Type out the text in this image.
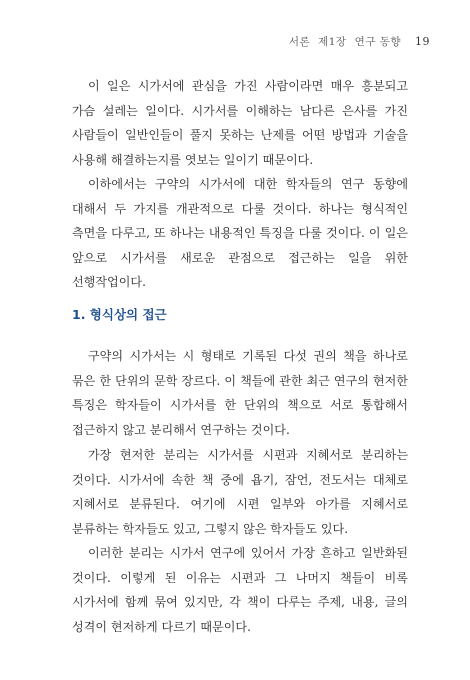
서론 제1장 연구 동향 19

이 일은 시가서에 관심을 가진 사람이라면 매우 흥분되고 가슴 설레는 일이다. 시가서를 이해하는 남다른 은사를 가진 사람들이 일반인들이 풀지 못하는 난제를 어떤 방법과 기술을 사용해 해결하는지를 엿보는 일이기 때문이다.

이하에서는 구약의 시가서에 대한 학자들의 연구 동향에 대해서 두 가지를 개관적으로 다룰 것이다. 하나는 형식적인 측면을 다루고, 또 하나는 내용적인 특징을 다룰 것이다. 이 일은 앞으로 시가서를 새로운 관점으로 접근하는 일을 위한 선행작업이다.

1. 형식상의 접근

구약의 시가서는 시 형태로 기록된 다섯 권의 책을 하나로 묶은 한 단위의 문학 장르다. 이 책들에 관한 최근 연구의 현저한 특징은 학자들이 시가서를 한 단위의 책으로 서로 통합해서 접근하지 않고 분리해서 연구하는 것이다.

가장 현저한 분리는 시가서를 시편과 지혜서로 분리하는 것이다. 시가서에 속한 책 중에 욥기, 잠언, 전도서는 대체로 지혜서로 분류된다. 여기에 시편 일부와 아가를 지혜서로 분류하는 학자들도 있고, 그렇지 않은 학자들도 있다.

이러한 분리는 시가서 연구에 있어서 가장 흔하고 일반화된 것이다. 이렇게 된 이유는 시편과 그 나머지 책들이 비록 시가서에 함께 묶여 있지만, 각 책이 다루는 주제, 내용, 글의 성격이 현저하게 다르기 때문이다.
